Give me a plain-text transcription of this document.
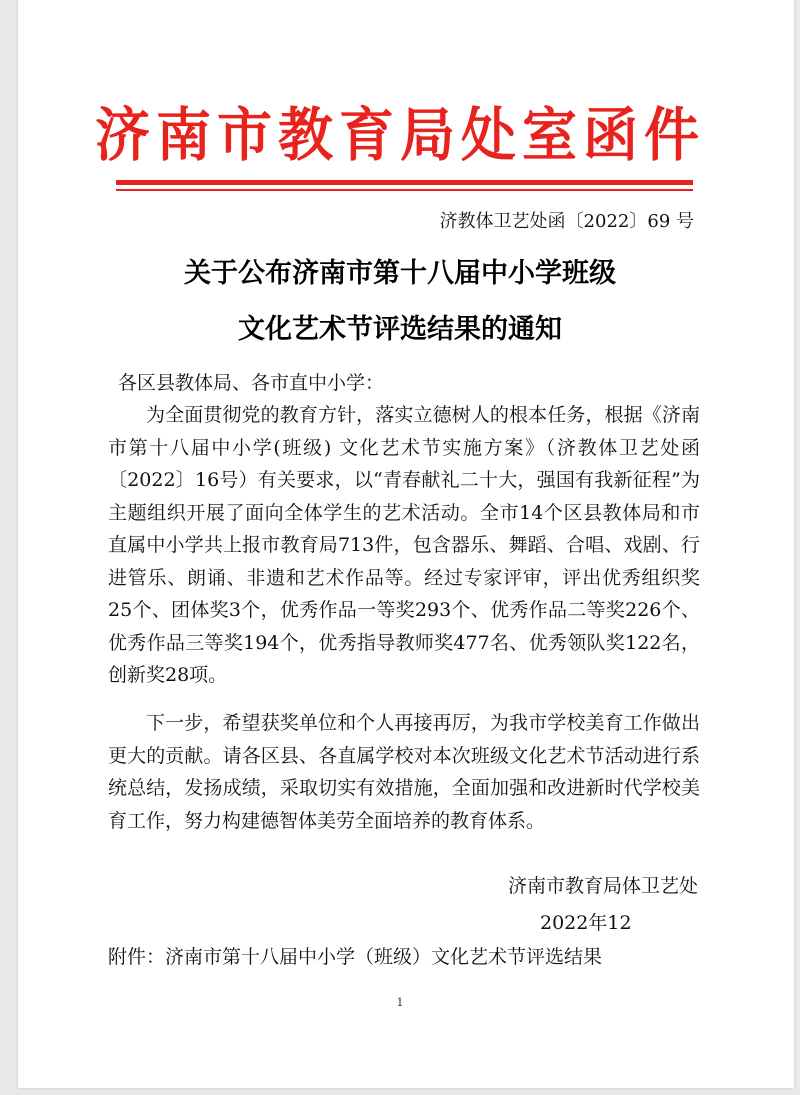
济南市教育局处室函件
济教体卫艺处函〔2022〕69 号
关于公布济南市第十八届中小学班级
文化艺术节评选结果的通知
各区县教体局、各市直中小学：

为全面贯彻党的教育方针，落实立德树人的根本任务，根据《济南市第十八届中小学(班级) 文化艺术节实施方案》（济教体卫艺处函〔2022〕16号）有关要求，以“青春献礼二十大，强国有我新征程”为主题组织开展了面向全体学生的艺术活动。全市14个区县教体局和市直属中小学共上报市教育局713件，包含器乐、舞蹈、合唱、戏剧、行进管乐、朗诵、非遗和艺术作品等。经过专家评审，评出优秀组织奖25个、团体奖3个，优秀作品一等奖293个、优秀作品二等奖226个、优秀作品三等奖194个，优秀指导教师奖477名、优秀领队奖122名，创新奖28项。

下一步，希望获奖单位和个人再接再厉，为我市学校美育工作做出更大的贡献。请各区县、各直属学校对本次班级文化艺术节活动进行系统总结，发扬成绩，采取切实有效措施，全面加强和改进新时代学校美育工作，努力构建德智体美劳全面培养的教育体系。

济南市教育局体卫艺处
2022年12
附件：济南市第十八届中小学（班级）文化艺术节评选结果
1
